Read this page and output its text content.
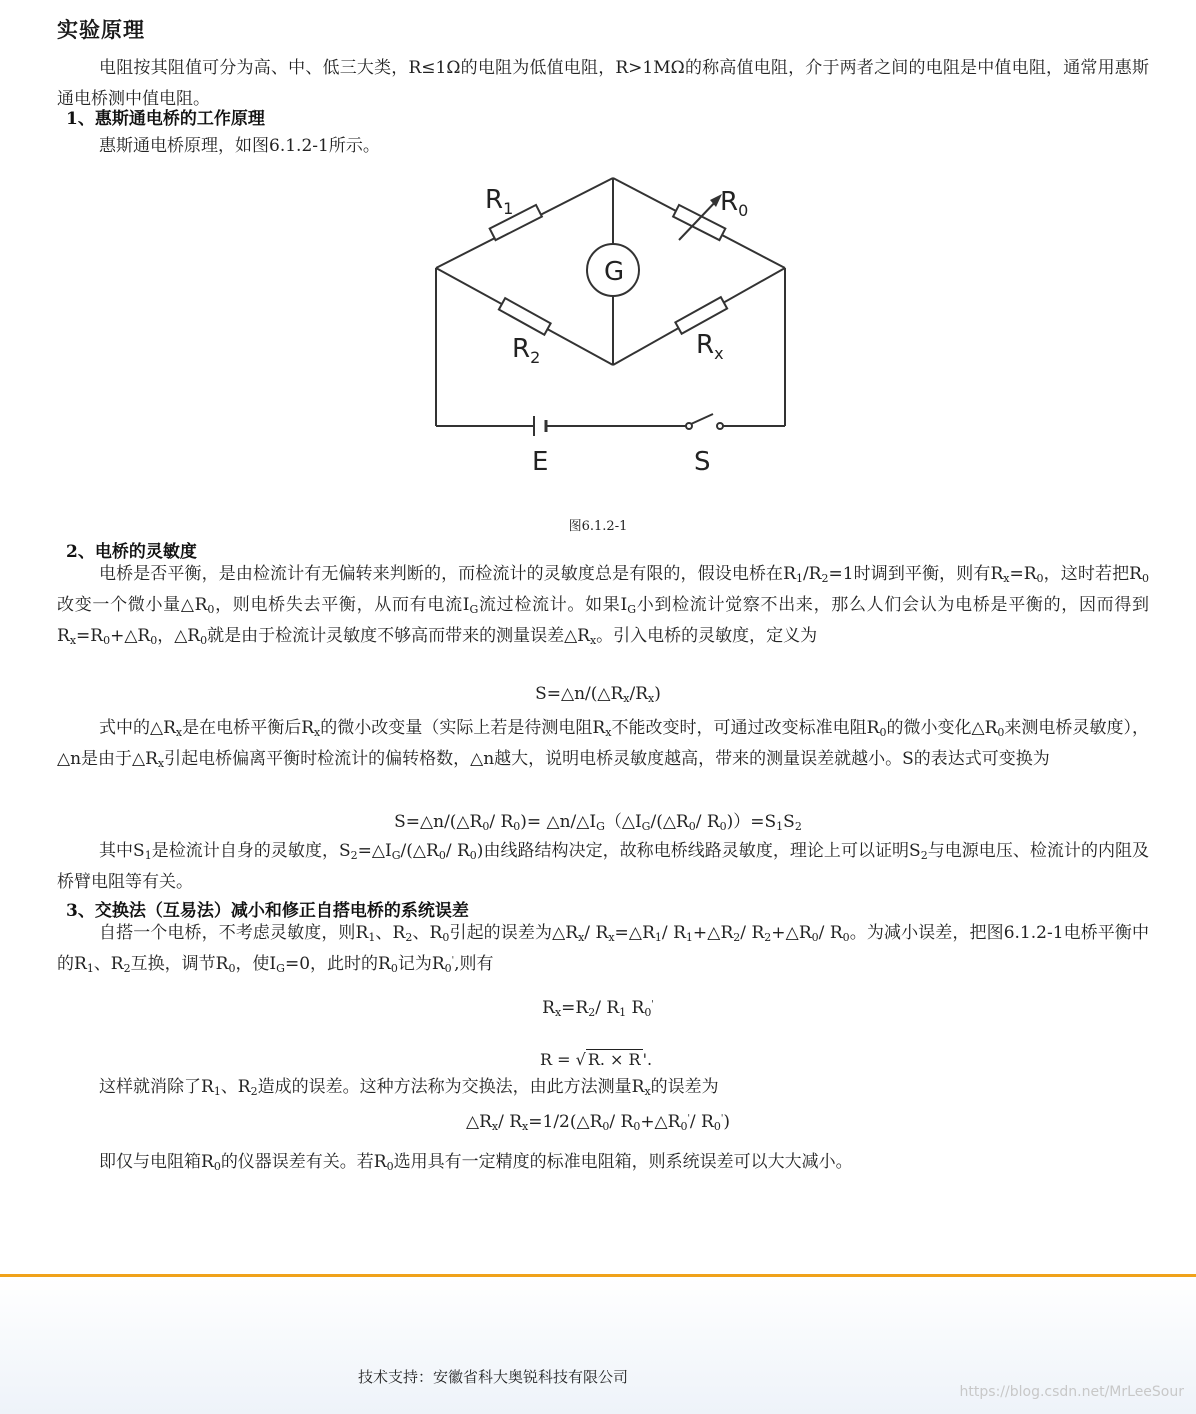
实验原理
电阻按其阻值可分为高、中、低三大类，R≤1Ω的电阻为低值电阻，R>1MΩ的称高值电阻，介于两者之间的电阻是中值电阻，通常用惠斯通电桥测中值电阻。
1、惠斯通电桥的工作原理
惠斯通电桥原理，如图6.1.2-1所示。
$R_1$	$R_0$
$R_2$	$R_x$
G
E	S
图6.1.2-1
2、电桥的灵敏度
电桥是否平衡，是由检流计有无偏转来判断的，而检流计的灵敏度总是有限的，假设电桥在$R_1/R_2=1$时调到平衡，则有$R_x=R_0$，这时若把$R_0$改变一个微小量$\triangle R_0$，则电桥失去平衡，从而有电流$I_G$流过检流计。如果$I_G$小到检流计觉察不出来，那么人们会认为电桥是平衡的，因而得到$R_x=R_0+\triangle R_0$，$\triangle R_0$就是由于检流计灵敏度不够高而带来的测量误差$\triangle R_x$。引入电桥的灵敏度，定义为
$S=\triangle n/(\triangle R_x/R_x)$
式中的$\triangle R_x$是在电桥平衡后$R_x$的微小改变量（实际上若是待测电阻$R_x$不能改变时，可通过改变标准电阻$R_0$的微小变化$\triangle R_0$来测电桥灵敏度），△n是由于$\triangle R_x$引起电桥偏离平衡时检流计的偏转格数，△n越大，说明电桥灵敏度越高，带来的测量误差就越小。S的表达式可变换为
$S=\triangle n/(\triangle R_0/$ $R_0)=$ $\triangle n/\triangle I_G(\triangle I_G/(\triangle R_0/$ $R_0))=S_1S_2$
其中$S_1$是检流计自身的灵敏度，$S_2=\triangle I_G/(\triangle R_0/$ $R_0$)由线路结构决定，故称电桥线路灵敏度，理论上可以证明$S_2$与电源电压、检流计的内阻及桥臂电阻等有关。
3、交换法（互易法）减小和修正自搭电桥的系统误差
自搭一个电桥，不考虑灵敏度，则$R_1$、$R_2$、$R_0$引起的误差为$\triangle R_x/$ $R_x=\triangle R_1/$ $R_1+\triangle R_2/$ $R_2+\triangle R_0/$ $R_0$。为减小误差，把图6.1.2-1电桥平衡中的$R_1$、$R_2$互换，调节$R_0$，使$I_G=0$，此时的$R_0$记为$R_0'$,则有
$R_x=R_2/$ $R_1$ $R_0'$
R = √ R. × R '.
这样就消除了$R_1$、$R_2$造成的误差。这种方法称为交换法，由此方法测量$R_x$的误差为
$\triangle R_x/$ $R_x=1/2(\triangle R_0/$ $R_0+\triangle R_0'/$ $R_0'$)
即仅与电阻箱$R_0$的仪器误差有关。若$R_0$选用具有一定精度的标准电阻箱，则系统误差可以大大减小。
技术支持：安徽省科大奥锐科技有限公司
https://blog.csdn.net/MrLeeSour
